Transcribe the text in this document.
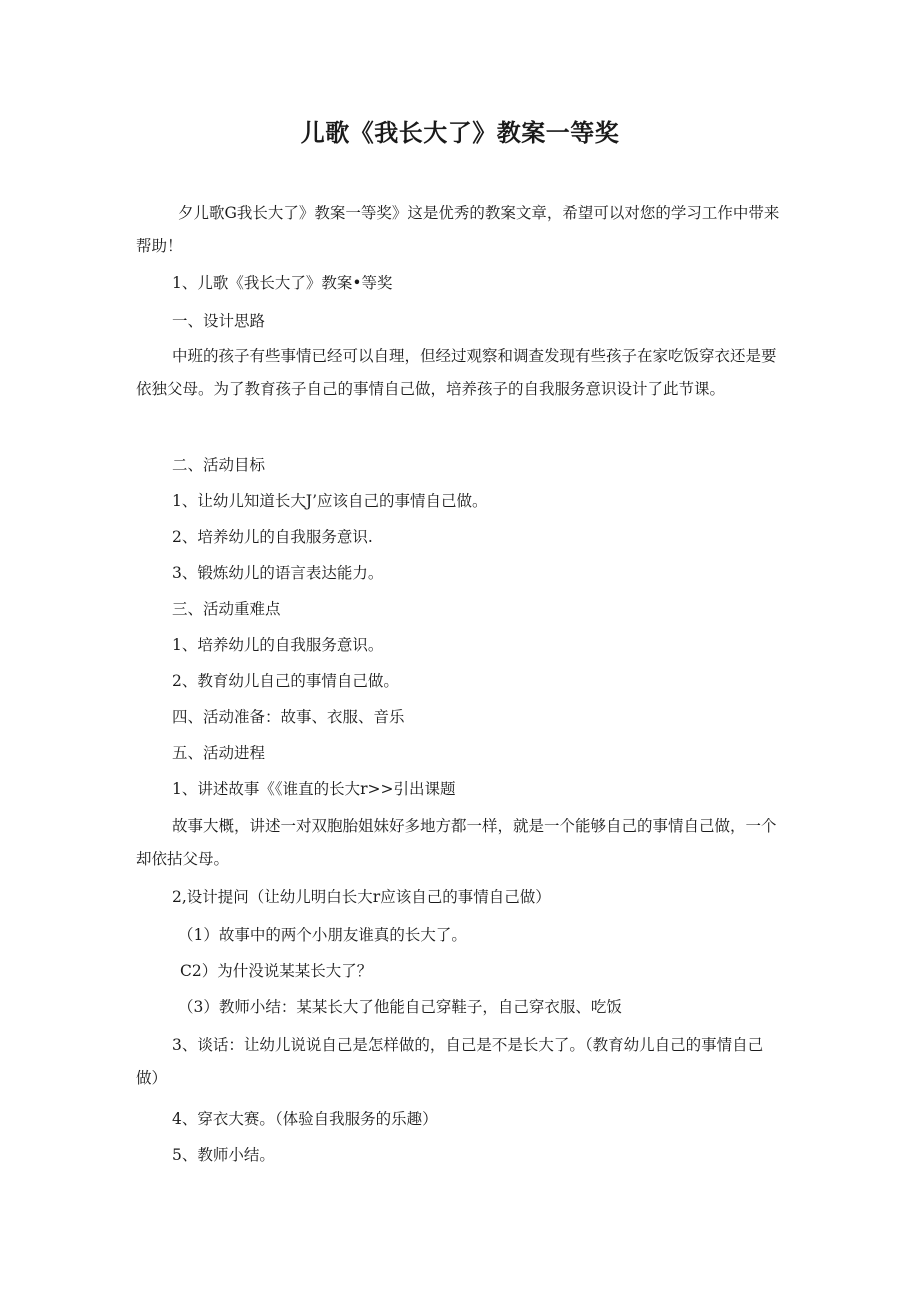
儿歌《我长大了》教案一等奖
夕儿歌G我长大了》教案一等奖》这是优秀的教案文章，希望可以对您的学习工作中带来帮助！
1、儿歌《我长大了》教案•等奖
一、设计思路
中班的孩子有些事情已经可以自理，但经过观察和调查发现有些孩子在家吃饭穿衣还是要依独父母。为了教育孩子自己的事情自己做，培养孩子的自我服务意识设计了此节课。
二、活动目标
1、让幼儿知道长大J’应该自己的事情自己做。
2、培养幼儿的自我服务意识.
3、锻炼幼儿的语言表达能力。
三、活动重难点
1、培养幼儿的自我服务意识。
2、教育幼儿自己的事情自己做。
四、活动准备：故事、衣服、音乐
五、活动进程
1、讲述故事《《谁直的长大r>>引出课题
故事大概，讲述一对双胞胎姐妹好多地方都一样，就是一个能够自己的事情自己做，一个却依拈父母。
2,设计提问（让幼儿明白长大r应该自己的事情自己做）
（1）故事中的两个小朋友谁真的长大了。
C2）为什没说某某长大了？
（3）教师小结：某某长大了他能自己穿鞋子，自己穿衣服、吃饭
3、谈话：让幼儿说说自己是怎样做的，自己是不是长大了。（教育幼儿自己的事情自己做）
4、穿衣大赛。（体验自我服务的乐趣）
5、教师小结。
